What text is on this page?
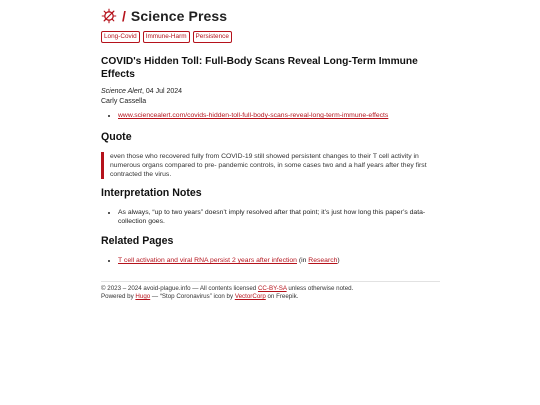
/ Science Press
Long-Covid	Immune-Harm	Persistence
COVID's Hidden Toll: Full-Body Scans Reveal Long-Term Immune Effects
Science Alert, 04 Jul 2024
Carly Cassella
• www.sciencealert.com/covids-hidden-toll-full-body-scans-reveal-long-term-immune-effects
Quote
even those who recovered fully from COVID-19 still showed persistent changes to their T cell activity in numerous organs compared to pre- pandemic controls, in some cases two and a half years after they first contracted the virus.
Interpretation Notes
• As always, “up to two years” doesn’t imply resolved after that point; it’s just how long this paper’s data-collection goes.
Related Pages
• T cell activation and viral RNA persist 2 years after infection (in Research)
© 2023 – 2024 avoid-plague.info — All contents licensed CC-BY-SA unless otherwise noted.
Powered by Hugo — “Stop Coronavirus” icon by VectorCorp on Freepik.
